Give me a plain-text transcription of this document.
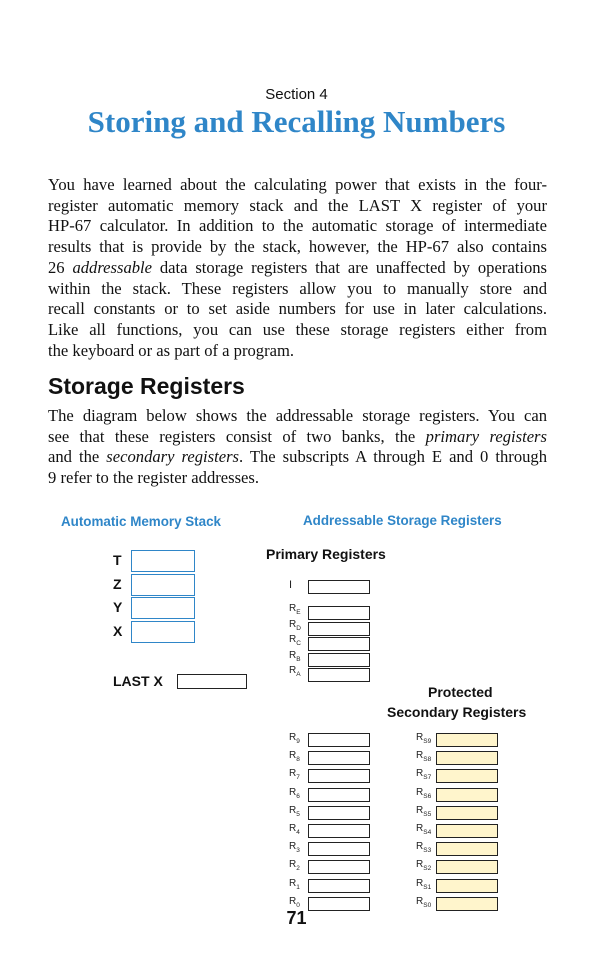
Section 4
Storing and Recalling Numbers
You have learned about the calculating power that exists in the four-
register automatic memory stack and the LAST X register of your
HP-67 calculator. In addition to the automatic storage of intermediate
results that is provide by the stack, however, the HP-67 also contains
26 addressable data storage registers that are unaffected by operations
within the stack. These registers allow you to manually store and
recall constants or to set aside numbers for use in later calculations.
Like all functions, you can use these storage registers either from
the keyboard or as part of a program.
Storage Registers
The diagram below shows the addressable storage registers. You can
see that these registers consist of two banks, the primary registers
and the secondary registers. The subscripts A through E and 0 through
9 refer to the register addresses.
Automatic Memory Stack	Addressable Storage Registers
T
Z
Y
X
LAST X
Primary Registers
I
$R_E$
$R_D$
$R_C$
$R_B$
$R_A$
Protected
Secondary Registers
$R_9$
$R_8$
$R_7$
$R_6$
$R_5$
$R_4$
$R_3$
$R_2$
$R_1$
$R_0$
$R_{S9}$
$R_{S8}$
$R_{S7}$
$R_{S6}$
$R_{S5}$
$R_{S4}$
$R_{S3}$
$R_{S2}$
$R_{S1}$
$R_{S0}$
71
